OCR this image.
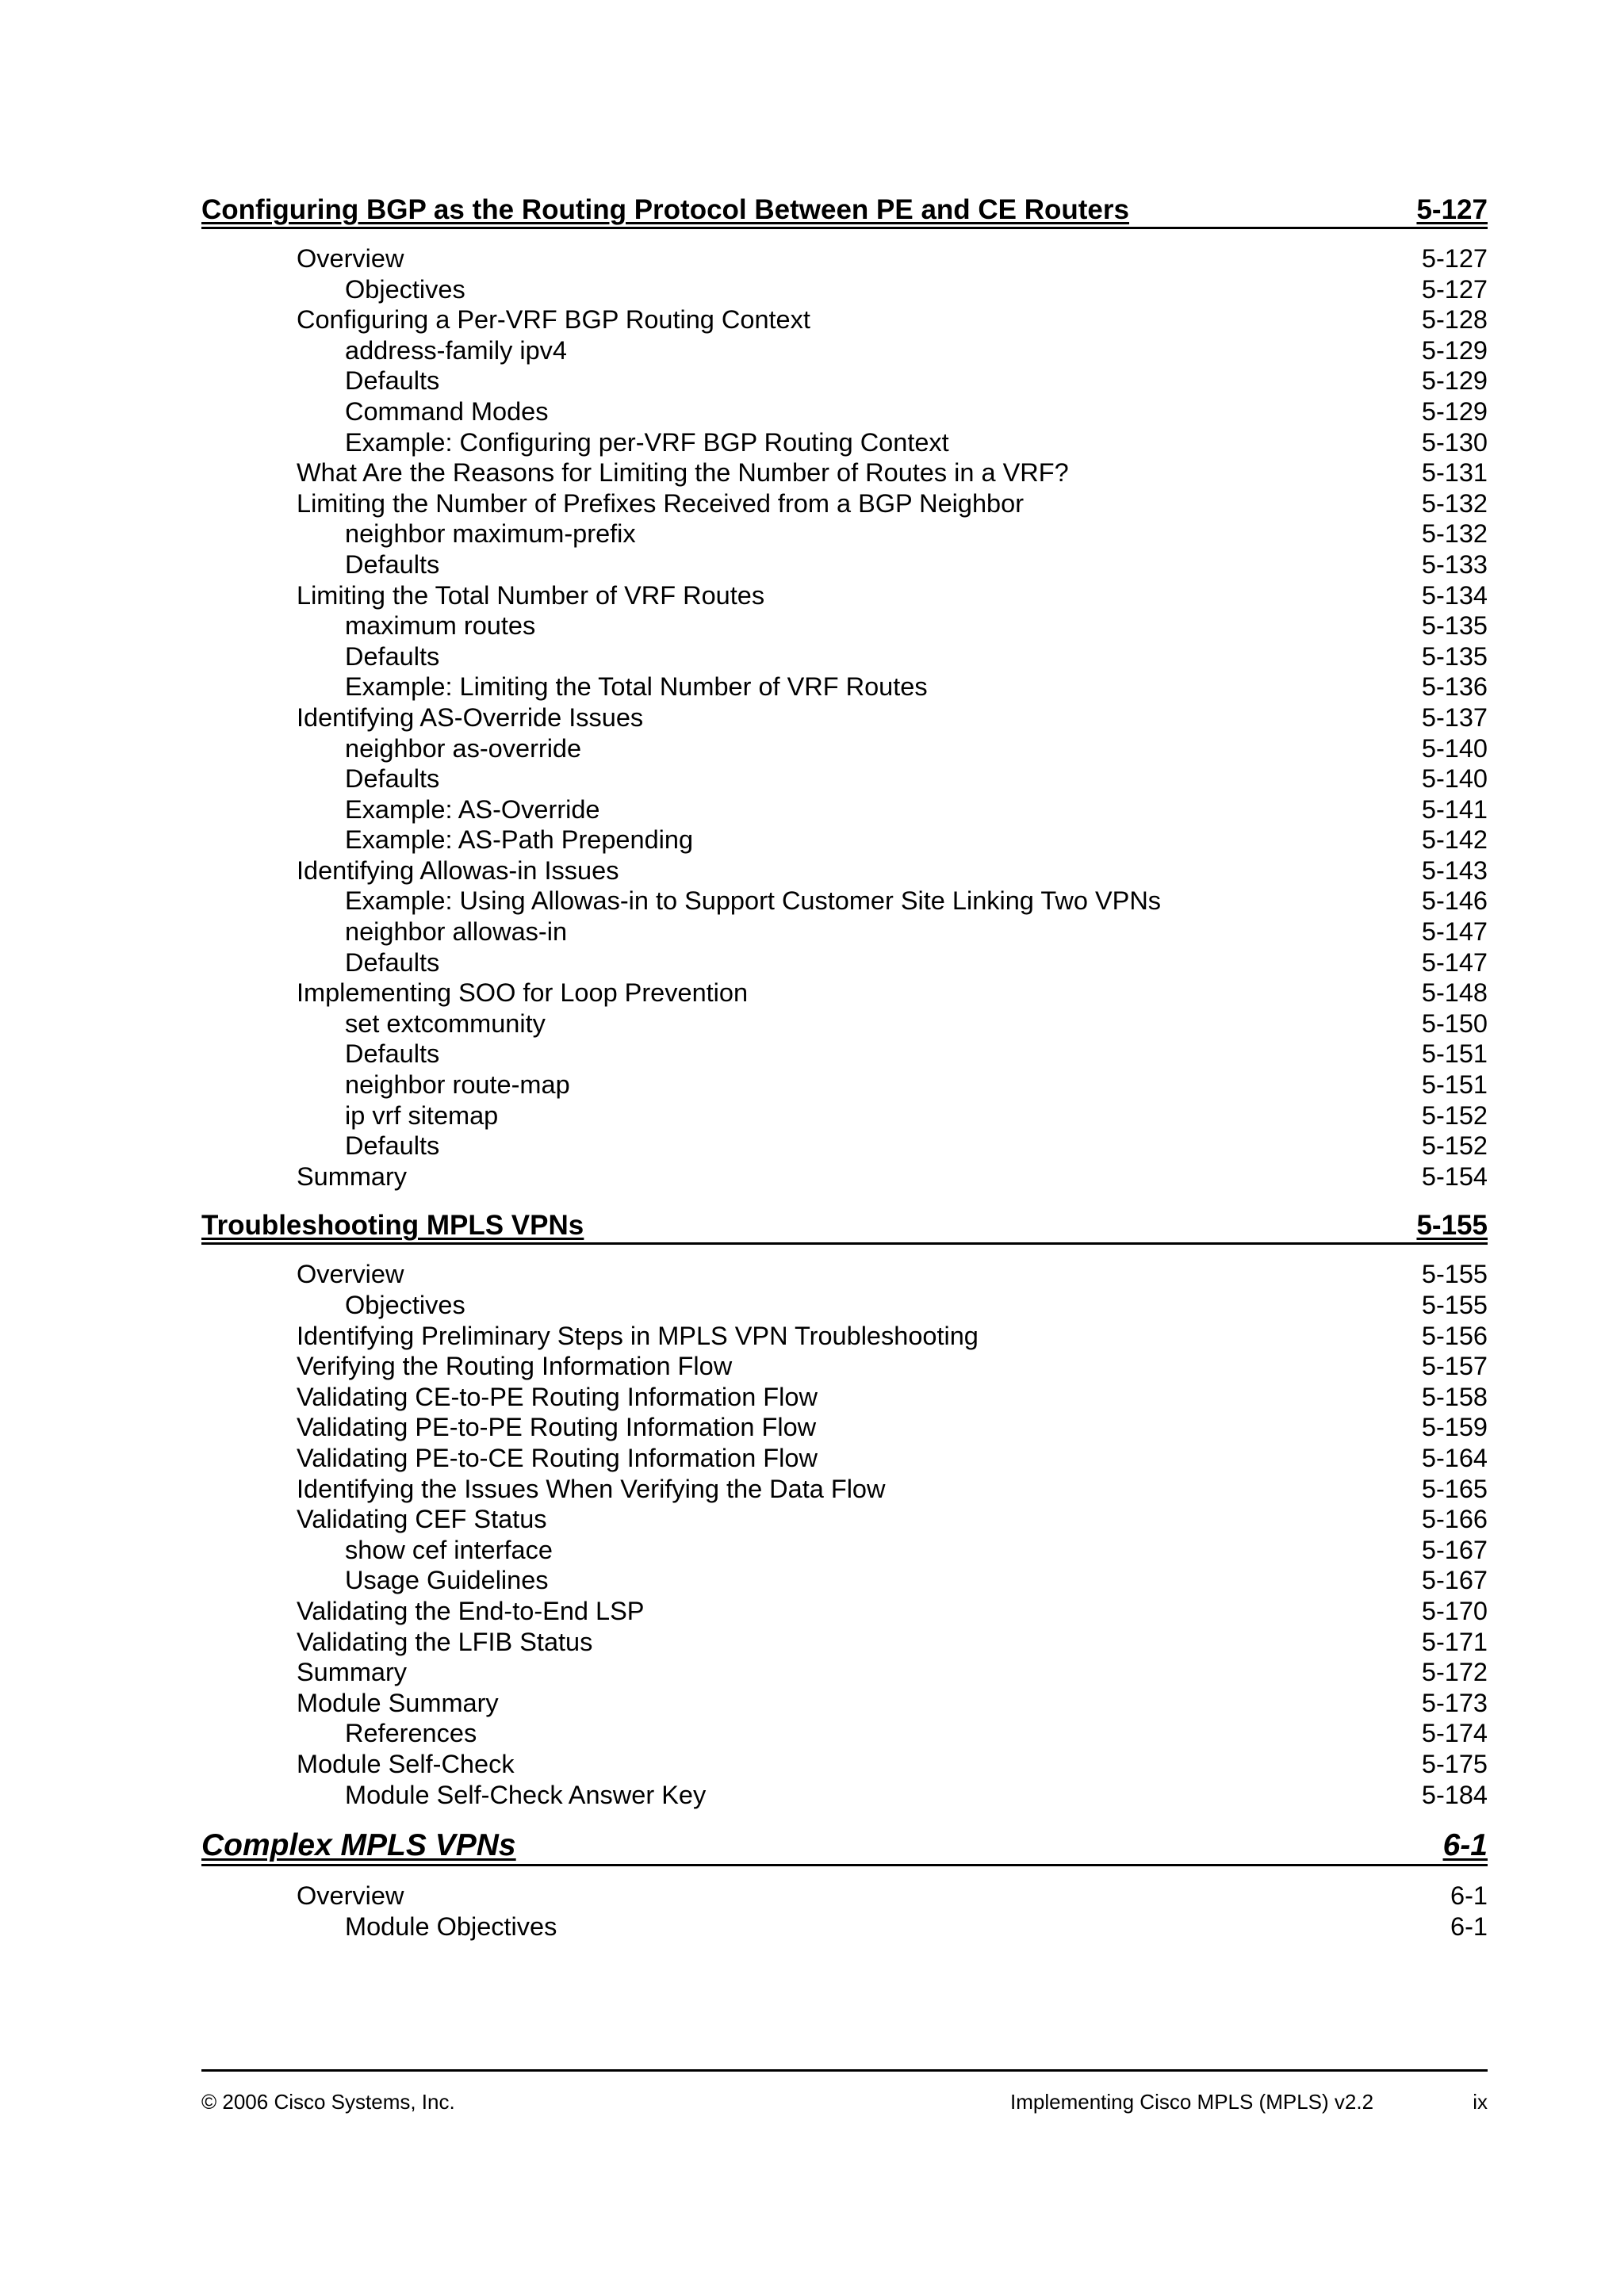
Configuring BGP as the Routing Protocol Between PE and CE Routers	5-127
Overview	5-127
Objectives	5-127
Configuring a Per-VRF BGP Routing Context	5-128
address-family ipv4	5-129
Defaults	5-129
Command Modes	5-129
Example: Configuring per-VRF BGP Routing Context	5-130
What Are the Reasons for Limiting the Number of Routes in a VRF?	5-131
Limiting the Number of Prefixes Received from a BGP Neighbor	5-132
neighbor maximum-prefix	5-132
Defaults	5-133
Limiting the Total Number of VRF Routes	5-134
maximum routes	5-135
Defaults	5-135
Example: Limiting the Total Number of VRF Routes	5-136
Identifying AS-Override Issues	5-137
neighbor as-override	5-140
Defaults	5-140
Example: AS-Override	5-141
Example: AS-Path Prepending	5-142
Identifying Allowas-in Issues	5-143
Example: Using Allowas-in to Support Customer Site Linking Two VPNs	5-146
neighbor allowas-in	5-147
Defaults	5-147
Implementing SOO for Loop Prevention	5-148
set extcommunity	5-150
Defaults	5-151
neighbor route-map	5-151
ip vrf sitemap	5-152
Defaults	5-152
Summary	5-154
Troubleshooting MPLS VPNs	5-155
Overview	5-155
Objectives	5-155
Identifying Preliminary Steps in MPLS VPN Troubleshooting	5-156
Verifying the Routing Information Flow	5-157
Validating CE-to-PE Routing Information Flow	5-158
Validating PE-to-PE Routing Information Flow	5-159
Validating PE-to-CE Routing Information Flow	5-164
Identifying the Issues When Verifying the Data Flow	5-165
Validating CEF Status	5-166
show cef interface	5-167
Usage Guidelines	5-167
Validating the End-to-End LSP	5-170
Validating the LFIB Status	5-171
Summary	5-172
Module Summary	5-173
References	5-174
Module Self-Check	5-175
Module Self-Check Answer Key	5-184
Complex MPLS VPNs	6-1
Overview	6-1
Module Objectives	6-1
© 2006 Cisco Systems, Inc.	Implementing Cisco MPLS (MPLS) v2.2	ix
